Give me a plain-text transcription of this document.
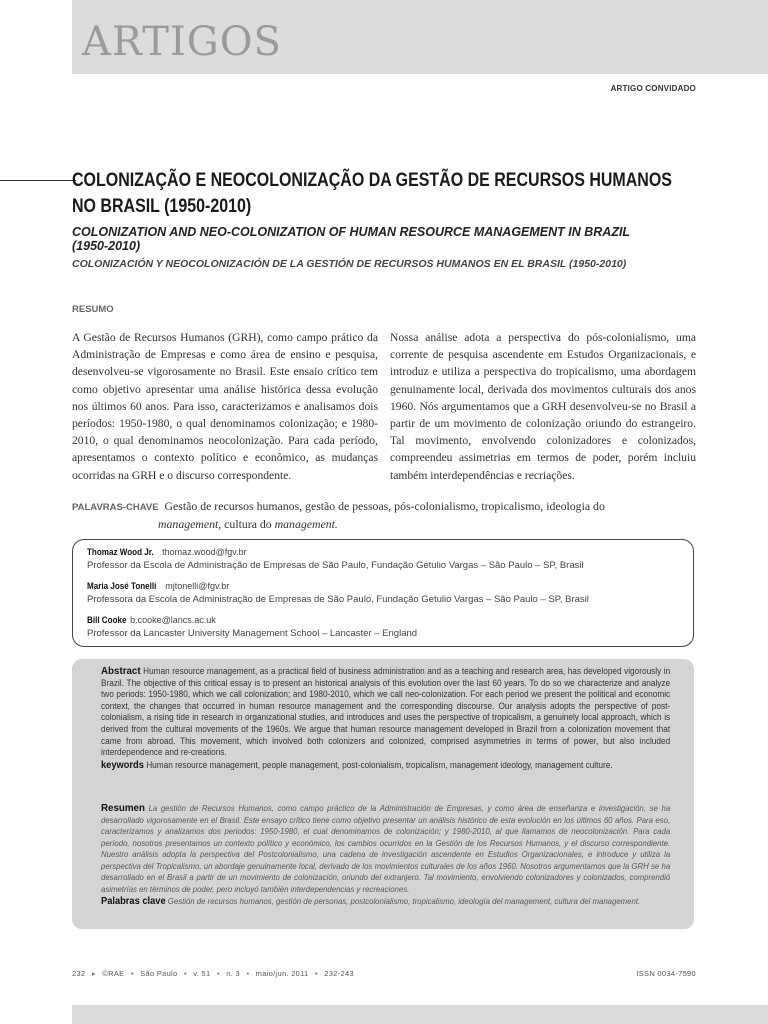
ARTIGOS
ARTIGO CONVIDADO
COLONIZAÇÃO E NEOCOLONIZAÇÃO DA GESTÃO DE RECURSOS HUMANOS NO BRASIL (1950-2010)
COLONIZATION AND NEO-COLONIZATION OF HUMAN RESOURCE MANAGEMENT IN BRAZIL (1950-2010)
COLONIZACIÓN Y NEOCOLONIZACIÓN DE LA GESTIÓN DE RECURSOS HUMANOS EN EL BRASIL (1950-2010)
RESUMO

A Gestão de Recursos Humanos (GRH), como campo prático da Administração de Empresas e como área de ensino e pesquisa, desenvolveu-se vigorosamente no Brasil. Este ensaio crítico tem como objetivo apresentar uma análise histórica dessa evolução nos últimos 60 anos. Para isso, caracterizamos e analisamos dois períodos: 1950-1980, o qual denominamos colonização; e 1980-2010, o qual denominamos neocolonização. Para cada período, apresentamos o contexto político e econômico, as mudanças ocorridas na GRH e o discurso correspondente.

Nossa análise adota a perspectiva do pós-colonialismo, uma corrente de pesquisa ascendente em Estudos Organizacionais, e introduz e utiliza a perspectiva do tropicalismo, uma abordagem genuinamente local, derivada dos movimentos culturais dos anos 1960. Nós argumentamos que a GRH desenvolveu-se no Brasil a partir de um movimento de colonização oriundo do estrangeiro. Tal movimento, envolvendo colonizadores e colonizados, compreendeu assimetrias em termos de poder, porém incluiu também interdependências e recriações.

PALAVRAS-CHAVE Gestão de recursos humanos, gestão de pessoas, pós-colonialismo, tropicalismo, ideologia do
management, cultura do management.
Thomaz Wood Jr. thomaz.wood@fgv.br
Professor da Escola de Administração de Empresas de São Paulo, Fundação Getulio Vargas – São Paulo – SP, Brasil
Maria José Tonelli mjtonelli@fgv.br
Professora da Escola de Administração de Empresas de São Paulo, Fundação Getulio Vargas – São Paulo – SP, Brasil
Bill Cooke b.cooke@lancs.ac.uk
Professor da Lancaster University Management School – Lancaster – England
Abstract Human resource management, as a practical field of business administration and as a teaching and research area, has developed vigorously in Brazil. The objective of this critical essay is to present an historical analysis of this evolution over the last 60 years. To do so we characterize and analyze two periods: 1950-1980, which we call colonization; and 1980-2010, which we call neo-colonization. For each period we present the political and economic context, the changes that occurred in human resource management and the corresponding discourse. Our analysis adopts the perspective of post-colonialism, a rising tide in research in organizational studies, and introduces and uses the perspective of tropicalism, a genuinely local approach, which is derived from the cultural movements of the 1960s. We argue that human resource management developed in Brazil from a colonization movement that came from abroad. This movement, which involved both colonizers and colonized, comprised asymmetries in terms of power, but also included interdependence and re-creations.
keywords Human resource management, people management, post-colonialism, tropicalism, management ideology, management culture.
Resumen La gestión de Recursos Humanos, como campo práctico de la Administración de Empresas, y como área de enseñanza e investigación, se ha desarrollado vigorosamente en el Brasil. Este ensayo crítico tiene como objetivo presentar un análisis histórico de esta evolución en los últimos 60 años. Para eso, caracterizamos y analizamos dos periodos: 1950-1980, el cual denominamos de colonización; y 1980-2010, al que llamamos de neocolonización. Para cada período, nosotros presentamos un contexto político y económico, los cambios ocurridos en la Gestión de los Recursos Humanos, y el discurso correspondiente. Nuestro análisis adopta la perspectiva del Postcolonialismo, una cadena de investigación ascendente en Estudios Organizacionales, e introduce y utiliza la perspectiva del Tropicalismo, un abordaje genuinamente local, derivado de los movimientos culturales de los años 1960. Nosotros argumentamos que la GRH se ha desarrollado en el Brasil a partir de un movimiento de colonización, oriundo del extranjero. Tal movimiento, envolviendo colonizadores y colonizados, comprendió asimetrías en términos de poder, pero incluyó también interdependencias y recreaciones.
Palabras clave Gestión de recursos humanos, gestión de personas, postcolonialismo, tropicalismo, ideología del management, cultura del management.
232 ▸ ©RAE ▪ São Paulo ▪ v. 51 ▪ n. 3 ▪ maio/jun. 2011 ▪ 232-243	ISSN 0034-7590
